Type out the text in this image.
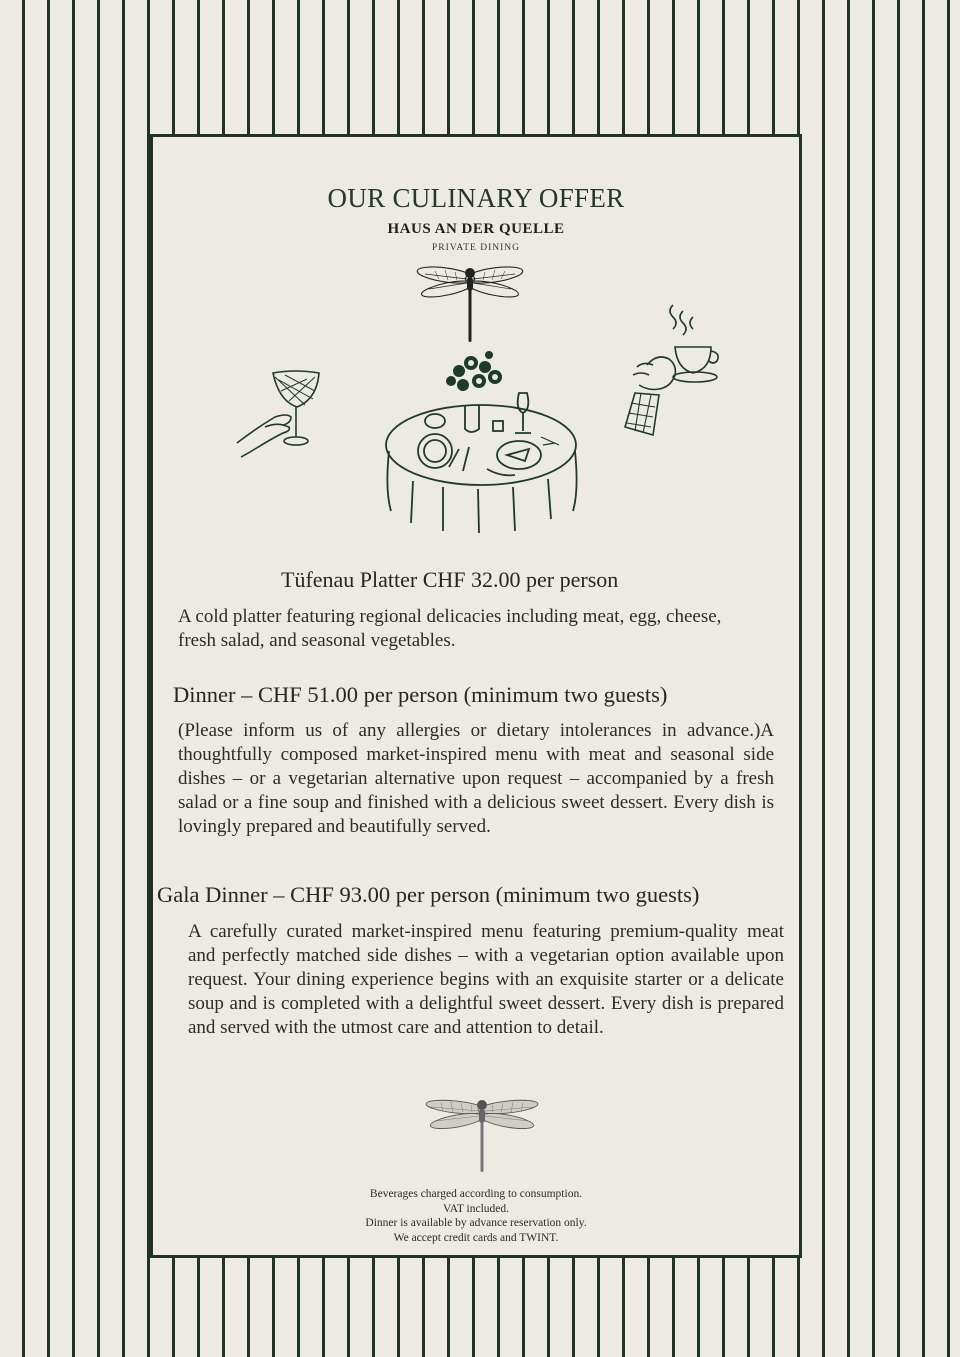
OUR CULINARY OFFER
HAUS AN DER QUELLE
PRIVATE DINING
Tüfenau Platter CHF 32.00 per person
A cold platter featuring regional delicacies including meat, egg, cheese, fresh salad, and seasonal vegetables.
Dinner – CHF 51.00 per person (minimum two guests)
(Please inform us of any allergies or dietary intolerances in advance.)A thoughtfully composed market-inspired menu with meat and seasonal side dishes – or a vegetarian alternative upon request – accompanied by a fresh salad or a fine soup and finished with a delicious sweet dessert. Every dish is lovingly prepared and beautifully served.
Gala Dinner – CHF 93.00 per person (minimum two guests)
A carefully curated market-inspired menu featuring premium-quality meat and perfectly matched side dishes – with a vegetarian option available upon request. Your dining experience begins with an exquisite starter or a delicate soup and is completed with a delightful sweet dessert. Every dish is prepared and served with the utmost care and attention to detail.
Beverages charged according to consumption.
VAT included.
Dinner is available by advance reservation only.
We accept credit cards and TWINT.
